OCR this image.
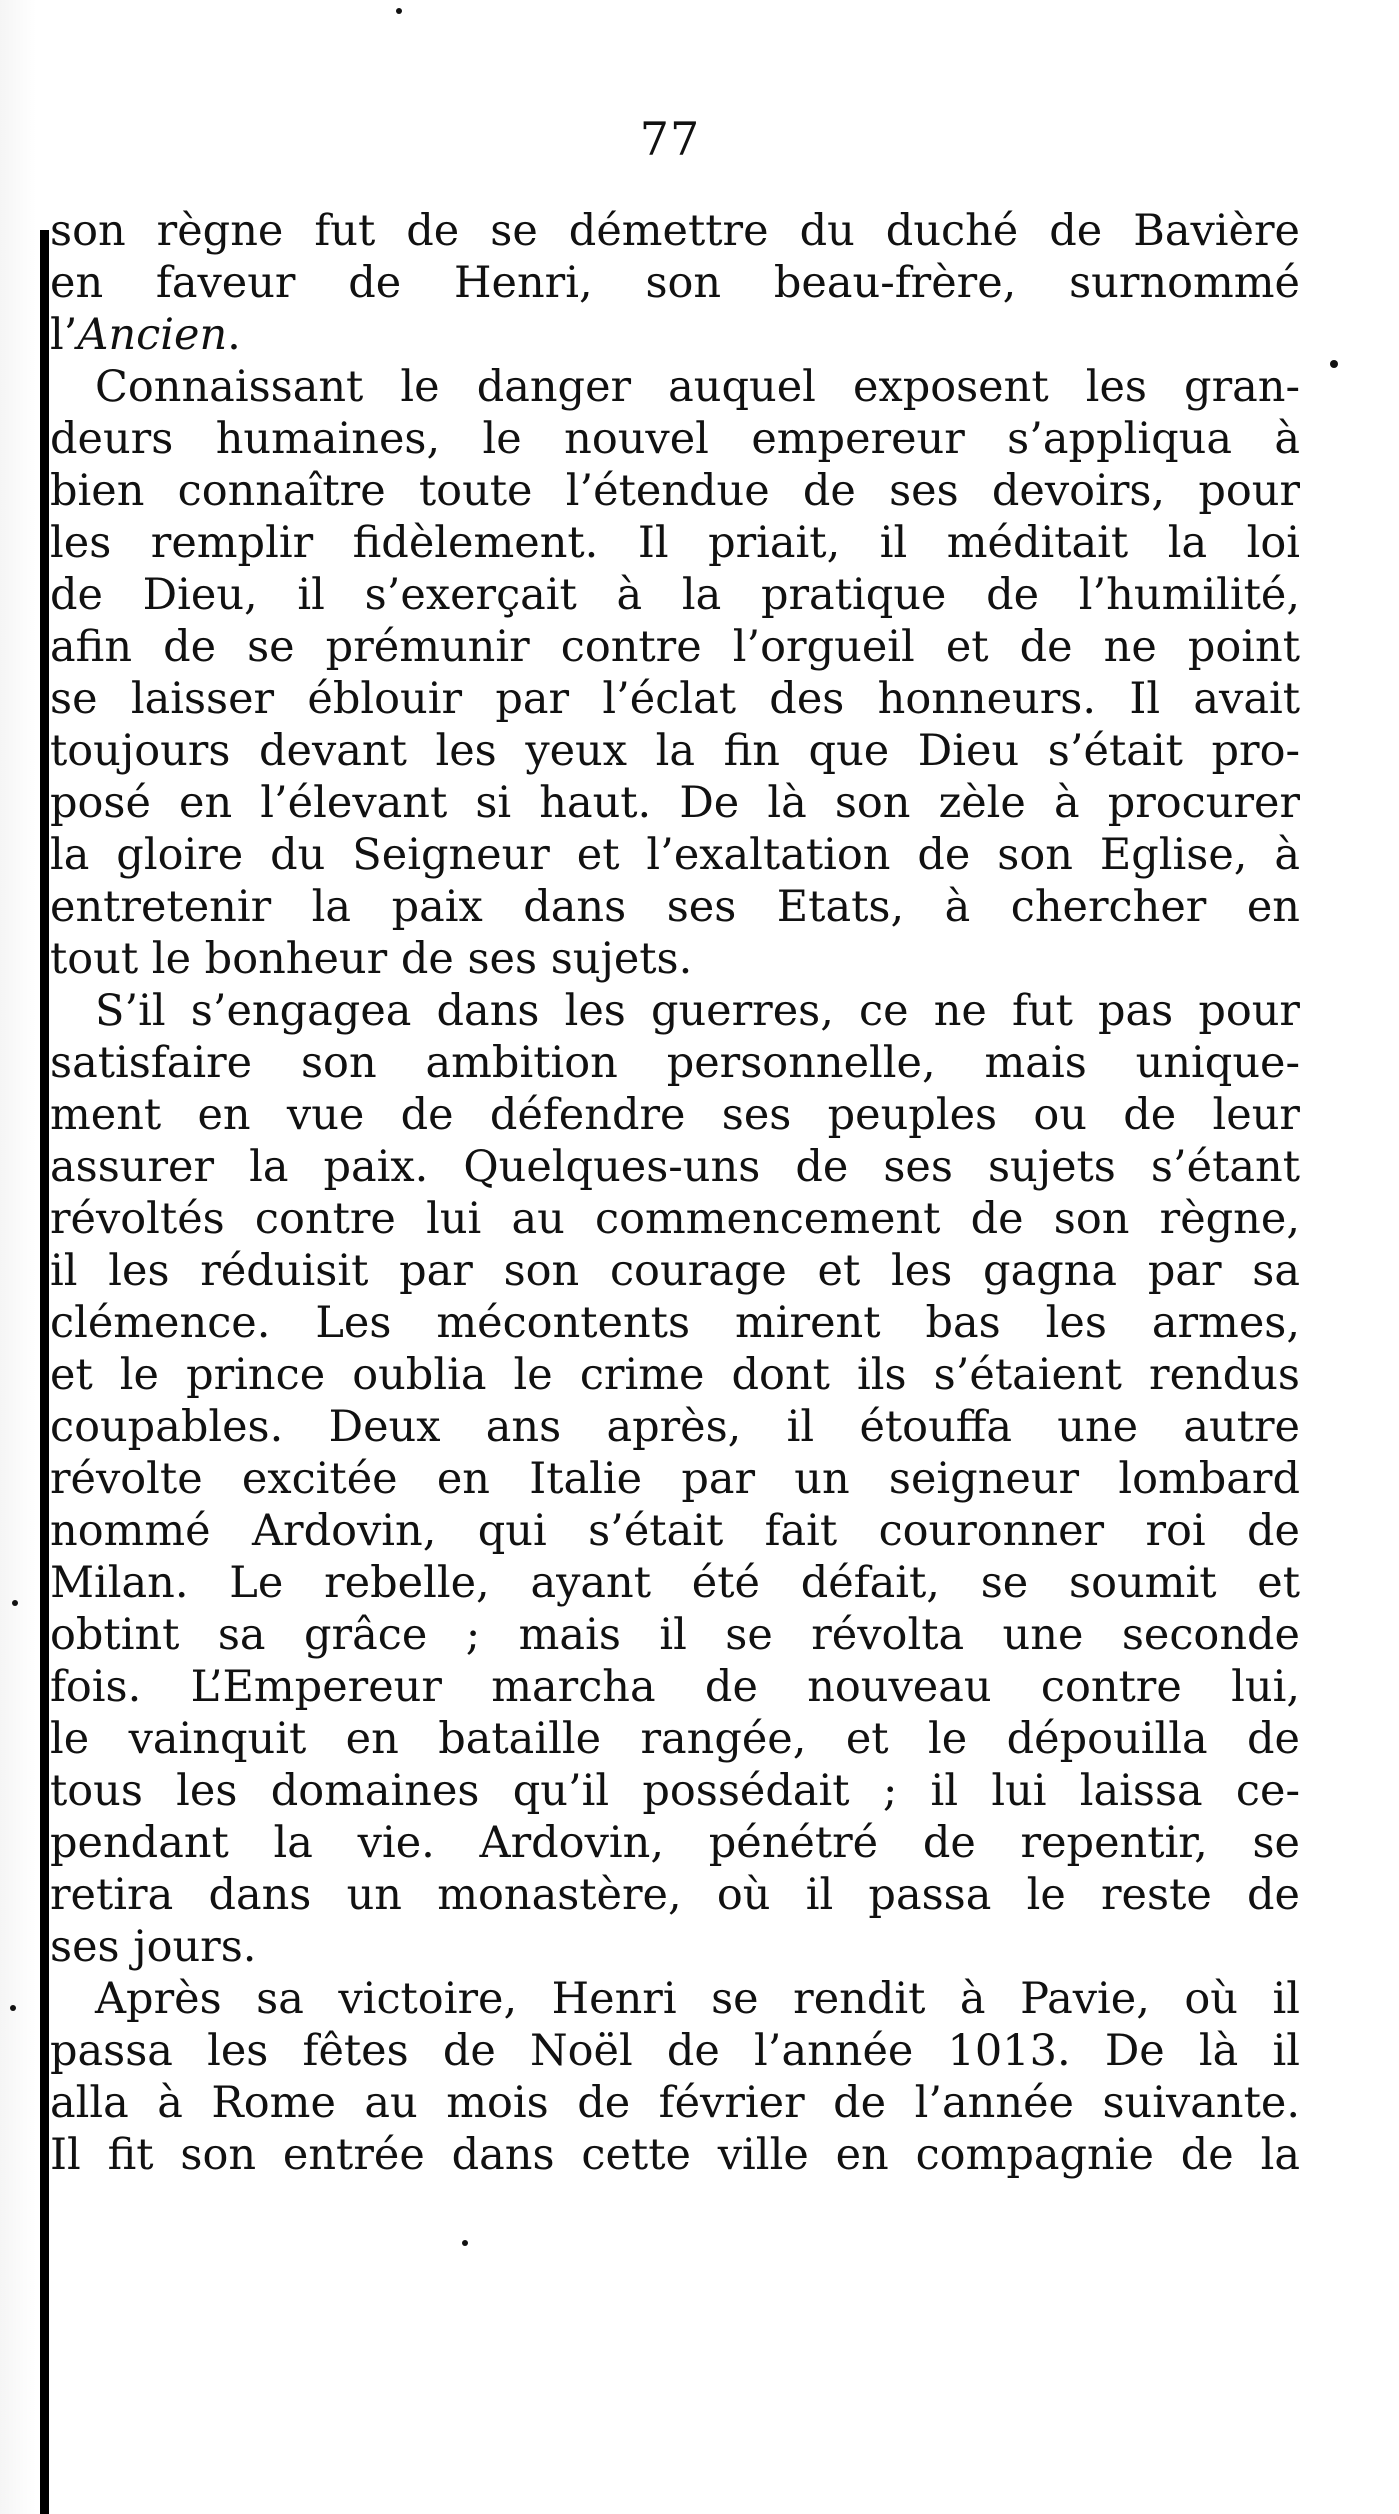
77
son règne fut de se démettre du duché de Bavière
en faveur de Henri, son beau-frère, surnommé
l’Ancien.
Connaissant le danger auquel exposent les gran-
deurs humaines, le nouvel empereur s’appliqua à
bien connaître toute l’étendue de ses devoirs, pour
les remplir fidèlement. Il priait, il méditait la loi
de Dieu, il s’exerçait à la pratique de l’humilité,
afin de se prémunir contre l’orgueil et de ne point
se laisser éblouir par l’éclat des honneurs. Il avait
toujours devant les yeux la fin que Dieu s’était pro-
posé en l’élevant si haut. De là son zèle à procurer
la gloire du Seigneur et l’exaltation de son Eglise, à
entretenir la paix dans ses Etats, à chercher en
tout le bonheur de ses sujets.
S’il s’engagea dans les guerres, ce ne fut pas pour
satisfaire son ambition personnelle, mais unique-
ment en vue de défendre ses peuples ou de leur
assurer la paix. Quelques-uns de ses sujets s’étant
révoltés contre lui au commencement de son règne,
il les réduisit par son courage et les gagna par sa
clémence. Les mécontents mirent bas les armes,
et le prince oublia le crime dont ils s’étaient rendus
coupables. Deux ans après, il étouffa une autre
révolte excitée en Italie par un seigneur lombard
nommé Ardovin, qui s’était fait couronner roi de
Milan. Le rebelle, ayant été défait, se soumit et
obtint sa grâce ; mais il se révolta une seconde
fois. L’Empereur marcha de nouveau contre lui,
le vainquit en bataille rangée, et le dépouilla de
tous les domaines qu’il possédait ; il lui laissa ce-
pendant la vie. Ardovin, pénétré de repentir, se
retira dans un monastère, où il passa le reste de
ses jours.
Après sa victoire, Henri se rendit à Pavie, où il
passa les fêtes de Noël de l’année 1013. De là il
alla à Rome au mois de février de l’année suivante.
Il fit son entrée dans cette ville en compagnie de la
